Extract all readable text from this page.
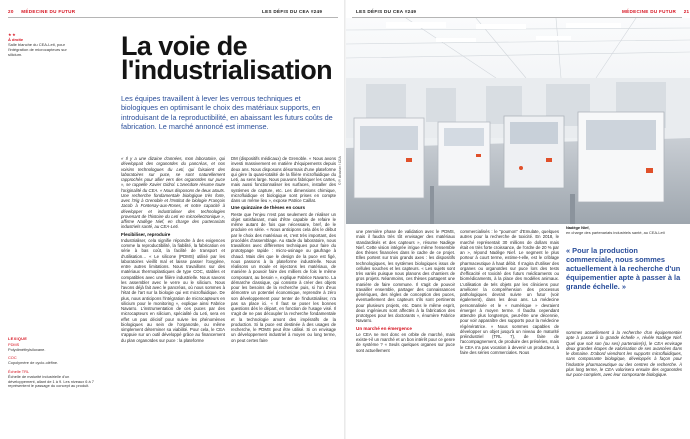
20 MÉDECINE DU FUTUR	LES DÉFIS DU CEA #249	LES DÉFIS DU CEA #249	MÉDECINE DU FUTUR 21
★★
À droite
Salle blanche du CEA-Leti, pour l'intégration de microcapteurs sur silicium.	La voie de l'industrialisation
Les équipes travaillent à lever les verrous techniques et biologiques en optimisant le choix des matériaux supports, en introduisant de la reproductibilité, en abaissant les futurs coûts de fabrication. Le marché annoncé est immense.

« Il y a une dizaine d'années, mon laboratoire, qui développait des organoïdes du pancréas, et nos voisins technologues du Leti, qui faisaient des laboratoires sur puce, se sont naturellement rapprochés pour allier vers des organoïdes sur puce », se rappelle Xavier Gidrol. L'anecdote résume toute l'originalité du CEA. « Nous disposons de deux atouts. Une recherche fondamentale biologique très forte, avec l'Irig à Grenoble et l'Institut de biologie François Jacob à Fontenay-aux-Roses, et notre capacité à développer et industrialiser des technologies provenant de l'histoire du Leti en microélectronique », affirme Nadège Nief, en charge des partenariats industriels santé, au CEA-Leti.

Flexibiliser, reproduire

Industrialiser, cela signifie répondre à des exigences comme la reproductibilité, la fiabilité, la fabrication en série à bas coût, la facilité de transport et d'utilisation… « Le silicone (PDMS) utilisé par les laboratoires vieillit mal et laisse passer l'oxygène, entre autres limitations. Nous travaillons sur des matériaux thermoplastiques de type COC, stables et compatibles avec une filière industrielle. Nous savons les assembler avec le verre ou le silicium. Nous l'avons déjà fait avec le pancréas, où nous sommes à l'état de l'art sur la biologie qui est microfluidique. De plus, nous anticipons l'intégration de microcapteurs en silicium pour le monitoring », explique ainsi Fabrice Navarro. L'instrumentation de ces puces par des microcapteurs en silicium, spécialité du Leti, sera en effet un pas décisif pour suivre les phénomènes biologiques au sein de l'organoïde, ou même simplement déterminer sa viabilité. Pour cela, le CEA s'appuie sur un outil développé grâce au financement du plan organoïdes sur puce : la plateforme

DM (dispositifs médicaux) de Grenoble. « Nous avons investi massivement en matière d'équipements depuis deux ans. Nous disposons désormais d'une plateforme qui gère la quasi-totalité de la filière microfluidique du Leti, au sens large. Nous pouvons fabriquer les cartes, mais aussi fonctionnaliser les surfaces, installer des systèmes de capture, etc. Les dimensions chimique, microfluidique et biologique sont prises en compte dans un même lieu », expose Patrice Caillat.

Une quinzaine de thèses en cours

Reste que l'enjeu n'est pas seulement de réaliser un objet satisfaisant, mais d'être capable de refaire le même autant de fois que nécessaire, bref, de le produire en série. « Nous anticipons cela dès le début par le choix des matériaux et, c'est très important, des procédés d'assemblage. Au stade du laboratoire, nous travaillons avec différentes techniques pour faire du prototypage rapide : micro-usinage ou gaufrage à chaud. Mais dès que le design de la puce est figé, nous passons à la plateforme industrielle. Nous réalisons un moule et injectons les matériaux, de manière à pouvoir faire des milliers de fois le même composant, au besoin », explique Fabrice Navarro. La démarche classique, qui consiste à créer des objets pour les besoins de la recherche puis, si l'on d'eux démontre un potentiel économique, reprendre à zéro son développement pour tenter de l'industrialiser, n'a pas sa place ici. « Il faut se poser les bonnes questions dès le départ, en fonction de l'usage visé. Il s'agit de ne pas découpler la recherche fondamentale et la technologie amont des impératifs de la production. Si la puce est destinée à des usages de recherche, le PDMS peut être utilisé. Si on envisage un développement industriel à moyen ou long terme, on peut certes faire

LEXIQUE
PDMS
Polydiméthylsiloxane.
COC
Copolymère de cyclo-oléfine.
Échelle TRL
Échelle de maturité industrielle d'un développement, allant de 1 à 9. Les niveaux 6 à 7 représentent le passage du concept au produit.
© P. Avavian / CEA

une première phase de validation avec le PDMS, mais il faudra très tôt envisager des matériaux standardisés et des capteurs », résume Nadège Nief. Cette vision intégrée irrigue même l'ensemble des thèses financées dans le cadre de ce projet. Elles portent sur trois grands axes : les dispositifs technologiques, les systèmes biologiques issus de cellules souches et les capteurs. « Les sujets sont très variés puisque nous planons des chantiers de gros projets. Néanmoins, ces thèses partagent une manière de faire commune. Il s'agit de pouvoir travailler ensemble, partager des connaissances génériques, des règles de conception des puces, éventuellement des capteurs s'ils sont pertinents pour plusieurs projets, etc. Dans le même esprit, deux ingénieurs sont affectés à la fabrication des prototypes pour les doctorants », énumère Fabrice Navarro.

Un marché en émergence

Le CEA ne met donc en orbite de marché, mais existe-t-il un marché et un bon intérêt pour ce genre de système ? « Seuls quelques organes sur puce sont actuellement

commercialisés : le "poumon" d'Emulate, quelques autres pour la recherche de toxicité. En 2018, le marché représentait 30 millions de dollars mais était en très forte croissance, de l'ordre de 20 % par an », répond Nadège Nief. Le segment le plus porteur à court terme, estime-t-elle, est le criblage pharmaceutique à haut débit. Il s'agira d'utiliser des organes ou organoïdes sur puce lors des tests d'efficacité et toxicité des futurs médicaments ou biomédicaments, à la place des modèles animaux. L'utilisation de tels objets par les cliniciens pour améliorer la compréhension des processus pathologiques devrait suivre un futur (voir également), dans les deux ans. La médecine personnalisée et le « numérique » devraient émerger à moyen terme. Il faudra cependant attendre plus longtemps, peut-être une décennie, pour voir apparaître des supports pour la médecine régénératrice. « Nous sommes capables de développer un objet jusqu'à un niveau de maturité préindustriel (TRL 7), de faire de l'accompagnement, de produire des préséries, mais le CEA n'a pas vocation à devenir un producteur, à faire des séries commerciales. Nous

Nadège Nief,
en charge des partenariats industriels santé, au CEA-Leti
« Pour la production commerciale, nous sommes actuellement à la recherche d'un équipementier apte à passer à la grande échelle. »

sommes actuellement à la recherche d'un équipementier apte à passer à la grande échelle », révèle Nadège Nief. Quel que soit son (ou ses) partenaire(s), le CEA envisage deux grandes étapes de valorisation de ses avancées dans le domaine. D'abord viendront les supports microfluidiques, sans composante biologique, développés à façon pour l'industrie pharmaceutique ou des centres de recherche. À plus long terme, le CEA valorisera ensuite des organoïdes sur puce complets, avec leur composante biologique.
